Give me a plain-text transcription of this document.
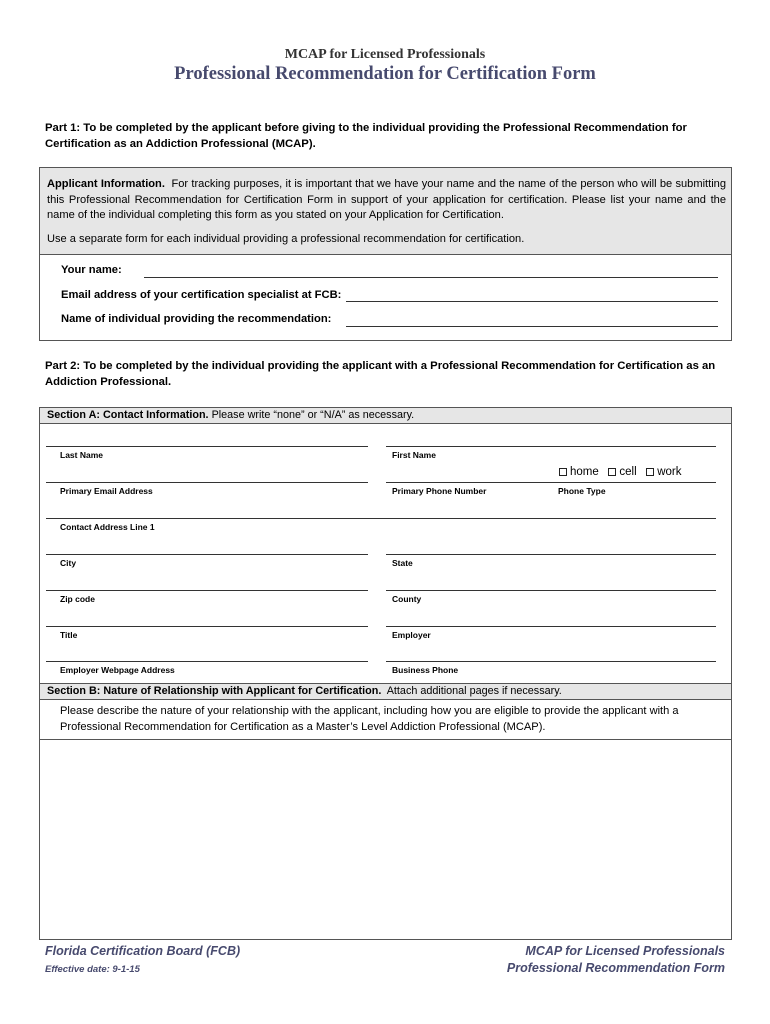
MCAP for Licensed Professionals
Professional Recommendation for Certification Form
Part 1: To be completed by the applicant before giving to the individual providing the Professional Recommendation for Certification as an Addiction Professional (MCAP).
Applicant Information. For tracking purposes, it is important that we have your name and the name of the person who will be submitting this Professional Recommendation for Certification Form in support of your application for certification. Please list your name and the name of the individual completing this form as you stated on your Application for Certification.
Use a separate form for each individual providing a professional recommendation for certification.
Your name:
Email address of your certification specialist at FCB:
Name of individual providing the recommendation:
Part 2: To be completed by the individual providing the applicant with a Professional Recommendation for Certification as an Addiction Professional.
Section A: Contact Information. Please write “none” or “N/A” as necessary.
Last Name	First Name
Primary Email Address	Primary Phone Number	Phone Type
home cell work
Contact Address Line 1
City	State
Zip code	County
Title	Employer
Employer Webpage Address	Business Phone
Section B: Nature of Relationship with Applicant for Certification. Attach additional pages if necessary.
Please describe the nature of your relationship with the applicant, including how you are eligible to provide the applicant with a Professional Recommendation for Certification as a Master’s Level Addiction Professional (MCAP).
Florida Certification Board (FCB)
Effective date: 9-1-15
MCAP for Licensed Professionals
Professional Recommendation Form
